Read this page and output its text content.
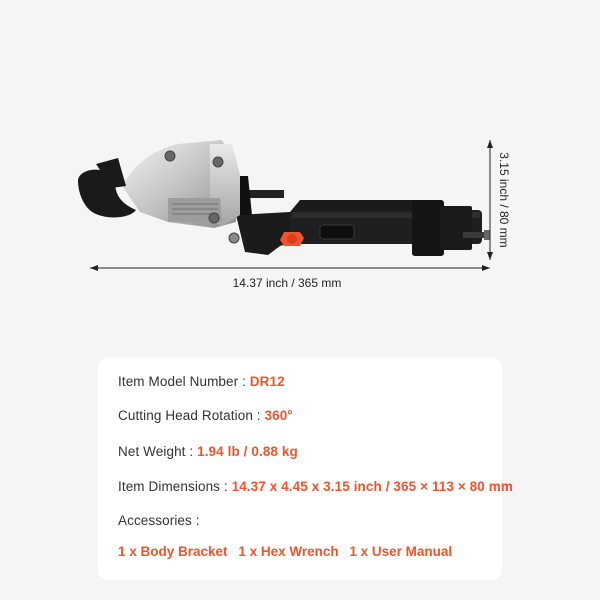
14.37 inch / 365 mm
3.15 inch / 80 mm
Item Model Number : DR12
Cutting Head Rotation : 360°
Net Weight : 1.94 lb / 0.88 kg
Item Dimensions : 14.37 x 4.45 x 3.15 inch / 365 × 113 × 80 mm
Accessories :
1 x Body Bracket 1 x Hex Wrench 1 x User Manual
